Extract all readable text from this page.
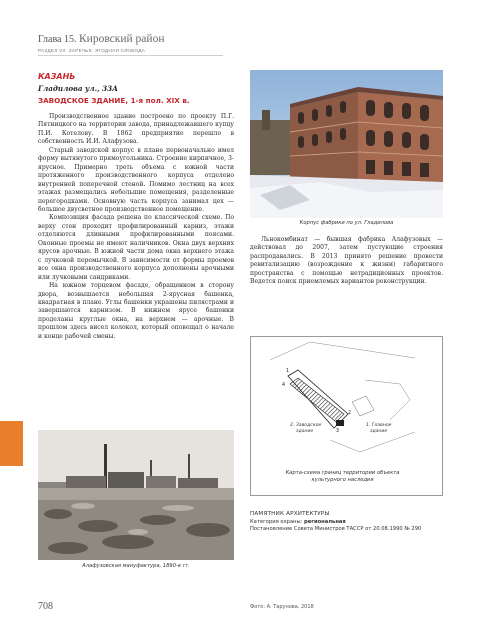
Глава 15. Кировский район
РАЗДЕЛ VII. ЗАРЕЧЬЕ. ЯГОДНАЯ СЛОБОДА
КАЗАНЬ
Гладилова ул., 33А
ЗАВОДСКОЕ ЗДАНИЕ, 1-я пол. XIX в.

Производственное здание построено по проекту П.Г. Пятницкого на территории завода, принадлежавшего купцу П.И. Котелову. В 1862 предприятие перешло в собственность И.И. Алафузова.

Старый заводской корпус в плане первоначально имел форму вытянутого прямоугольника. Строение кирпичное, 3-ярусное. Примерно треть объема с южной части протяженного производственного корпуса отделено внутренней поперечной стеной. Помимо лестниц на всех этажах размещались небольшие помещения, разделенные перегородками. Основную часть корпуса занимал цех — большое двусветное производственное помещение.

Композиция фасада решена по классической схеме. По верху стен проходит профилированный карниз, этажи отделяются длинными профилированными поясами. Оконные проемы не имеют наличников. Окна двух верхних ярусов арочные. В южной части дома окна верхнего этажа с лучковой перемычкой. В зависимости от формы проемов все окна производственного корпуса дополнены арочными или лучковыми сандриками.

На южном торцевом фасаде, обращенном в сторону двора, возвышается небольшая 2-ярусная башенка, квадратная в плане. Углы башенки украшены пилястрами и завершаются карнизом. В нижнем ярусе башенки проделаны круглые окна, на верхнем — арочные. В прошлом здесь висел колокол, который оповещал о начале и конце рабочей смены.

Корпус фабрики по ул. Гладилова

Льнокомбинат — бывшая фабрика Алафузовых — действовал до 2007, затем пустующие строения распродавались. В 2013 принято решение провести ревитализацию (возрождение к жизни) габаритного пространства с помощью нетрадиционных проектов. Ведется поиск приемлемых вариантов реконструкции.

1
4
2
3
1. Главное
здание
2. Заводское
здание
Карта-схема границ территории объекта культурного наследия
ПАМЯТНИК АРХИТЕКТУРЫ
Категория охраны: региональная
Постановление Совета Министров ТАССР от 20.08.1990 № 290
Алафузовская мануфактура, 1890-е гг.
708	Фото: А. Тарунова, 2018
